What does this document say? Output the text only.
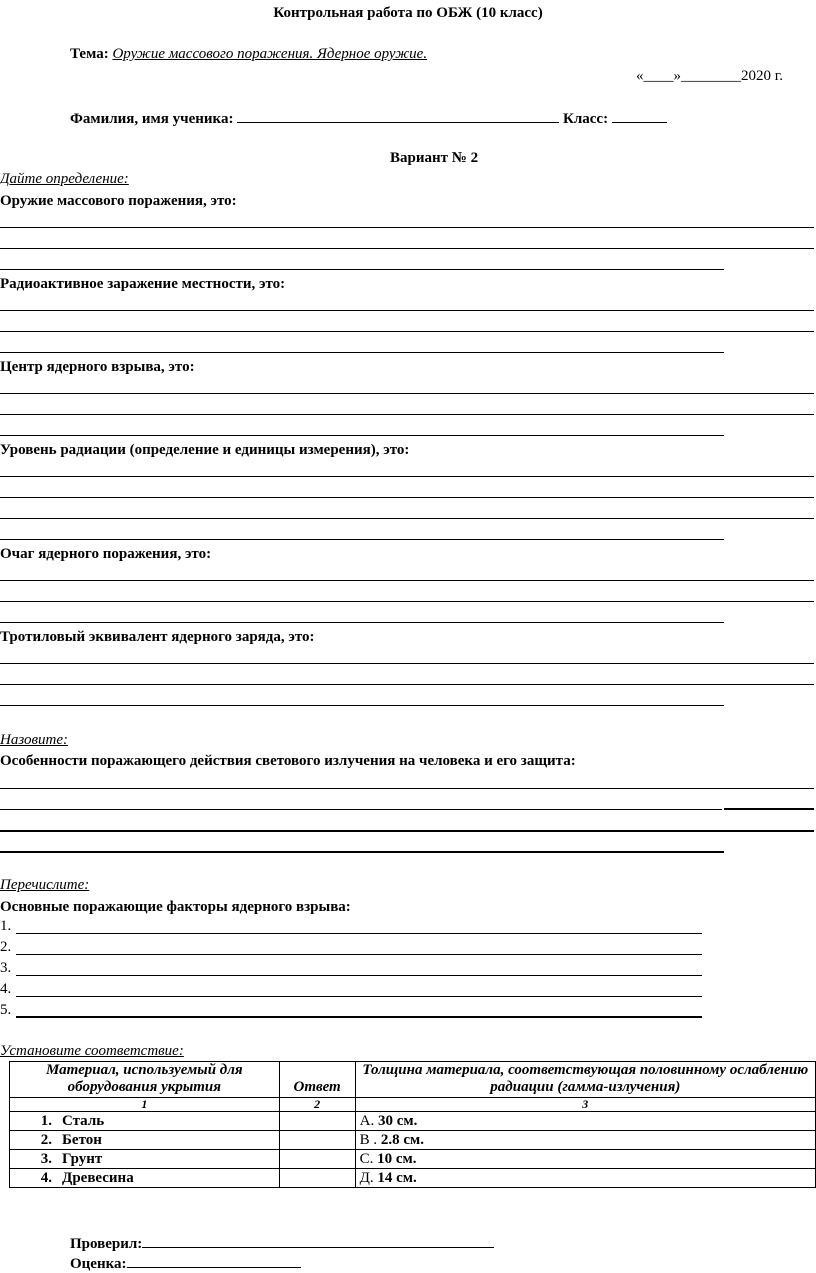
Контрольная работа по ОБЖ (10 класс)
Тема: Оружие массового поражения. Ядерное оружие.
«____»________2020 г.
Фамилия, имя ученика:	Класс:
Вариант № 2
Дайте определение:
Оружие массового поражения, это:
Радиоактивное заражение местности, это:
Центр ядерного взрыва, это:
Уровень радиации (определение и единицы измерения), это:
Очаг ядерного поражения, это:
Тротиловый эквивалент ядерного заряда, это:
Назовите:
Особенности поражающего действия светового излучения на человека и его защита:
Перечислите:
Основные поражающие факторы ядерного взрыва:
1.
2.
3.
4.
5.
Установите соответствие:
Материал, используемый для оборудования укрытия	Ответ	Толщина материала, соответствующая половинному ослаблению радиации (гамма-излучения)
1	2	3
1. Сталь		А. 30 см.
2. Бетон		В . 2.8 см.
3. Грунт		С. 10 см.
4. Древесина		Д. 14 см.
Проверил:
Оценка:
